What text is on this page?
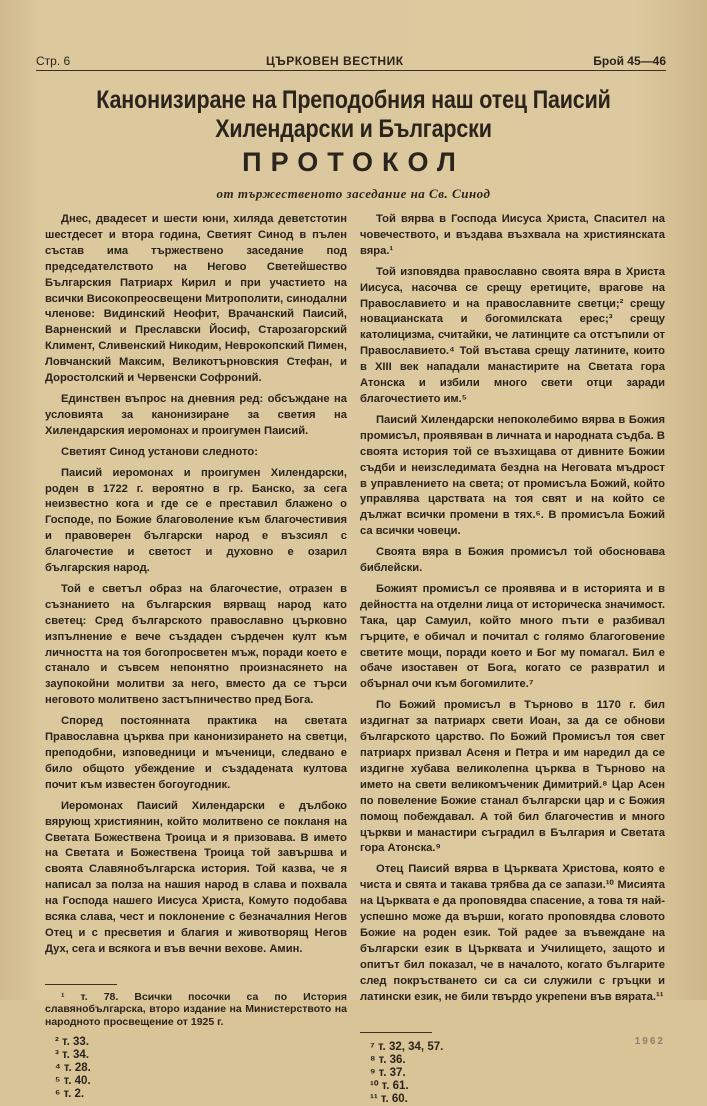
Стр. 6	ЦЪРКОВЕН ВЕСТНИК	Брой 45—46
Канонизиране на Преподобния наш отец Паисий
Хилендарски и Български
ПРОТОКОЛ
от тържественото заседание на Св. Синод

Днес, двадесет и шести юни, хиляда деветстотин шестдесет и втора година, Светият Синод в пълен състав има тържествено заседание под председателството на Негово Светейшество Българския Патриарх Кирил и при участието на всички Високопреосвещени Митрополити, синодални членове: Видинский Неофит, Врачанский Паисий, Варненский и Преславски Йосиф, Старозагорский Климент, Сливенский Никодим, Неврокопский Пимен, Ловчанский Максим, Великотърновския Стефан, и Доростолский и Червенски Софроний.

Единствен въпрос на дневния ред: обсъждане на условията за канонизиране за светия на Хилендарския иеромонах и проигумен Паисий.

Светият Синод установи следното:

Паисий иеромонах и проигумен Хилендарски, роден в 1722 г. вероятно в гр. Банско, за сега неизвестно кога и где се е преставил блажено о Господе, по Божие благоволение към благочестивия и правоверен български народ е възсиял с благочестие и светост и духовно е озарил българския народ.

Той е светъл образ на благочестие, отразен в съзнанието на българския вярващ народ като светец: Сред българското православно църковно изпълнение е вече създаден сърдечен култ към личността на тоя богопросветен мъж, поради което е станало и съвсем непонятно произнасянето на заупокойни молитви за него, вместо да се търси неговото молитвено застъпничество пред Бога.

Според постоянната практика на светата Православна църква при канонизирането на светци, преподобни, изповедници и мъченици, следвано е било общото убеждение и създадената култова почит към известен богоугодник.

Иеромонах Паисий Хилендарски е дълбоко вярующ християнин, който молитвено се покланя на Светата Божествена Троица и я призовава. В името на Светата и Божествена Троица той завършва и своята Славянобългарска история. Той казва, че я написал за полза на нашия народ в слава и похвала на Господа нашего Иисуса Христа, Комуто подобава всяка слава, чест и поклонение с безначалния Негов Отец и с пресветия и благия и животворящ Негов Дух, сега и всякога и във вечни вехове. Амин.

¹ т. 78. Всички посочки са по История славянобългарска, второ издание на Министерството на народното просвещение от 1925 г.

² т. 33.
³ т. 34.
⁴ т. 28.
⁵ т. 40.
⁶ т. 2.

Той вярва в Господа Иисуса Христа, Спасител на човечеството, и въздава възхвала на християнската вяра.¹

Той изповядва православно своята вяра в Христа Иисуса, насочва се срещу еретиците, врагове на Православието и на православните светци;² срещу новацианската и богомилската ерес;³ срещу католицизма, считайки, че латинците са отстъпили от Православието.⁴ Той въстава срещу латините, които в XIII век нападали манастирите на Светата гора Атонска и избили много свети отци заради благочестието им.⁵

Паисий Хилендарски непоколебимо вярва в Божия промисъл, проявяван в личната и народната съдба. В своята история той се възхищава от дивните Божии съдби и неизследимата бездна на Неговата мъдрост в управлението на света; от промисъла Божий, който управлява царствата на тоя свят и на който се дължат всички промени в тях.⁶. В промисъла Божий са всички човеци.

Своята вяра в Божия промисъл той обосновава библейски.

Божият промисъл се проявява и в историята и в дейността на отделни лица от историческа значимост. Така, цар Самуил, който много пъти е разбивал гърците, е обичал и почитал с голямо благоговение светите мощи, поради което и Бог му помагал. Бил е обаче изоставен от Бога, когато се развратил и обърнал очи към богомилите.⁷

По Божий промисъл в Търново в 1170 г. бил издигнат за патриарх свети Иоан, за да се обнови българското царство. По Божий Промисъл тоя свет патриарх призвал Асеня и Петра и им наредил да се издигне хубава великолепна църква в Търново на името на свети великомъченик Димитрий.⁸ Цар Асен по повеление Божие станал български цар и с Божия помощ побеждавал. А той бил благочестив и много църкви и манастири съградил в България и Светата гора Атонска.⁹

Отец Паисий вярва в Църквата Христова, която е чиста и свята и такава трябва да се запази.¹⁰ Мисията на Църквата е да проповядва спасение, а това тя най-успешно може да върши, когато проповядва словото Божие на роден език. Той радее за въвеждане на български език в Църквата и Училището, защото и опитът бил показал, че в началото, когато българите след покръстването си са си служили с гръцки и латински език, не били твърдо укрепени във вярата.¹¹

1962
⁷ т. 32, 34, 57.
⁸ т. 36.
⁹ т. 37.
¹⁰ т. 61.
¹¹ т. 60.
